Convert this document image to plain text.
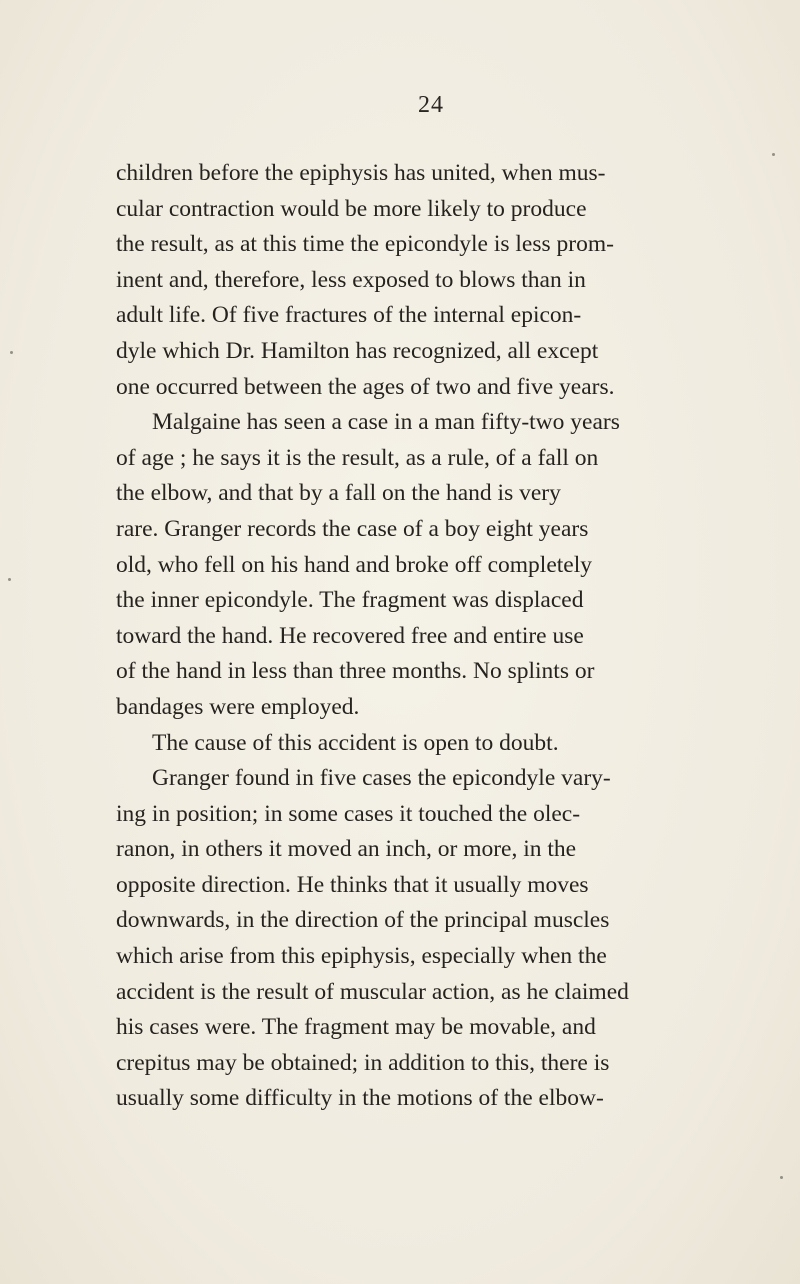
24
children before the epiphysis has united, when mus-
cular contraction would be more likely to produce
the result, as at this time the epicondyle is less prom-
inent and, therefore, less exposed to blows than in
adult life. Of five fractures of the internal epicon-
dyle which Dr. Hamilton has recognized, all except
one occurred between the ages of two and five years.
Malgaine has seen a case in a man fifty-two years
of age ; he says it is the result, as a rule, of a fall on
the elbow, and that by a fall on the hand is very
rare. Granger records the case of a boy eight years
old, who fell on his hand and broke off completely
the inner epicondyle. The fragment was displaced
toward the hand. He recovered free and entire use
of the hand in less than three months. No splints or
bandages were employed.
The cause of this accident is open to doubt.
Granger found in five cases the epicondyle vary-
ing in position; in some cases it touched the olec-
ranon, in others it moved an inch, or more, in the
opposite direction. He thinks that it usually moves
downwards, in the direction of the principal muscles
which arise from this epiphysis, especially when the
accident is the result of muscular action, as he claimed
his cases were. The fragment may be movable, and
crepitus may be obtained; in addition to this, there is
usually some difficulty in the motions of the elbow-
